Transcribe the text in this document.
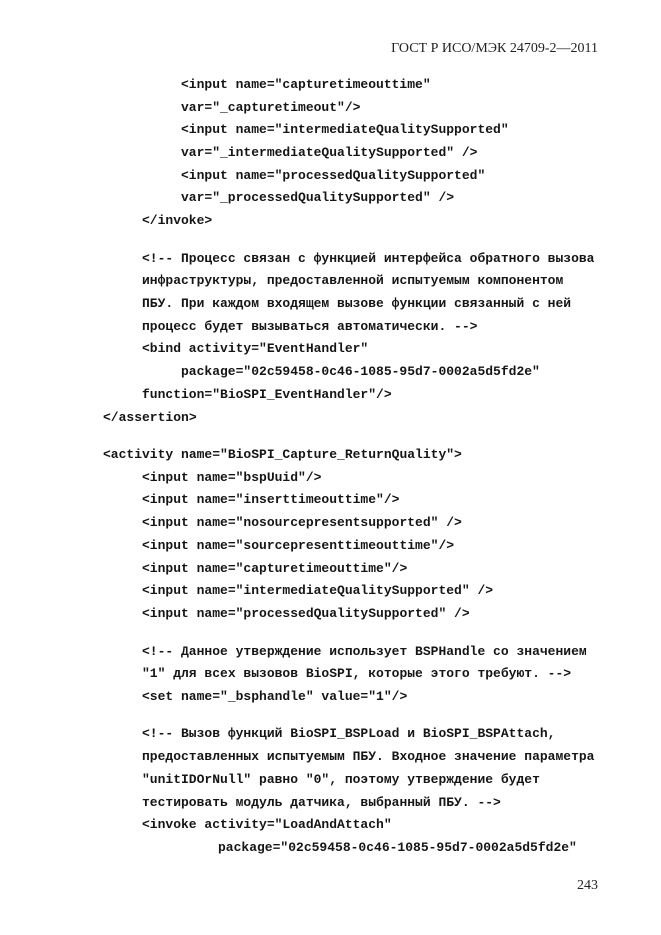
ГОСТ Р ИСО/МЭК 24709-2—2011
<input name="capturetimeouttime"
var="_capturetimeout"/>
<input name="intermediateQualitySupported"
var="_intermediateQualitySupported" />
<input name="processedQualitySupported"
var="_processedQualitySupported" />
</invoke>
<!-- Процесс связан с функцией интерфейса обратного вызова
инфраструктуры, предоставленной испытуемым компонентом
ПБУ. При каждом входящем вызове функции связанный с ней
процесс будет вызываться автоматически. -->
<bind activity="EventHandler"
package="02c59458-0c46-1085-95d7-0002a5d5fd2e"
function="BioSPI_EventHandler"/>
</assertion>
<activity name="BioSPI_Capture_ReturnQuality">
<input name="bspUuid"/>
<input name="inserttimeouttime"/>
<input name="nosourcepresentsupported" />
<input name="sourcepresenttimeouttime"/>
<input name="capturetimeouttime"/>
<input name="intermediateQualitySupported" />
<input name="processedQualitySupported" />
<!-- Данное утверждение использует BSPHandle со значением
"1" для всех вызовов BioSPI, которые этого требуют. -->
<set name="_bsphandle" value="1"/>
<!-- Вызов функций BioSPI_BSPLoad и BioSPI_BSPAttach,
предоставленных испытуемым ПБУ. Входное значение параметра
"unitIDOrNull" равно "0", поэтому утверждение будет
тестировать модуль датчика, выбранный ПБУ. -->
<invoke activity="LoadAndAttach"
package="02c59458-0c46-1085-95d7-0002a5d5fd2e"
243
